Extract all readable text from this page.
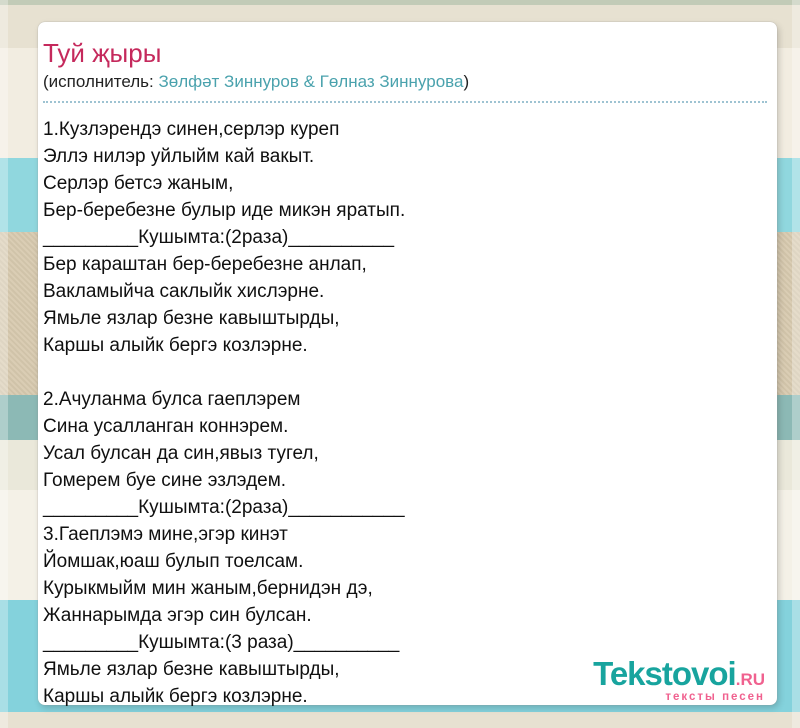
Туй җыры
(исполнитель: Зөлфәт Зиннуров & Гөлназ Зиннурова)
1.Кузлэрендэ синен,серлэр куреп
Эллэ нилэр уйлыйм кай вакыт.
Серлэр бетсэ жаным,
Бер-беребезне булыр иде микэн яратып.
_________Кушымта:(2раза)__________
Бер караштан бер-беребезне анлап,
Вакламыйча саклыйк хислэрне.
Ямьле язлар безне кавыштырды,
Каршы алыйк бергэ козлэрне.
2.Ачуланма булса гаеплэрем
Сина усалланган коннэрем.
Усал булсан да син,явыз тугел,
Гомерем буе сине эзлэдем.
_________Кушымта:(2раза)___________
3.Гаеплэмэ мине,эгэр кинэт
Йомшак,юаш булып тоелсам.
Курыкмыйм мин жаным,бернидэн дэ,
Жаннарымда эгэр син булсан.
_________Кушымта:(3 раза)__________
Ямьле язлар безне кавыштырды,
Каршы алыйк бергэ козлэрне.
Tekstovoi.RU
тексты песен
